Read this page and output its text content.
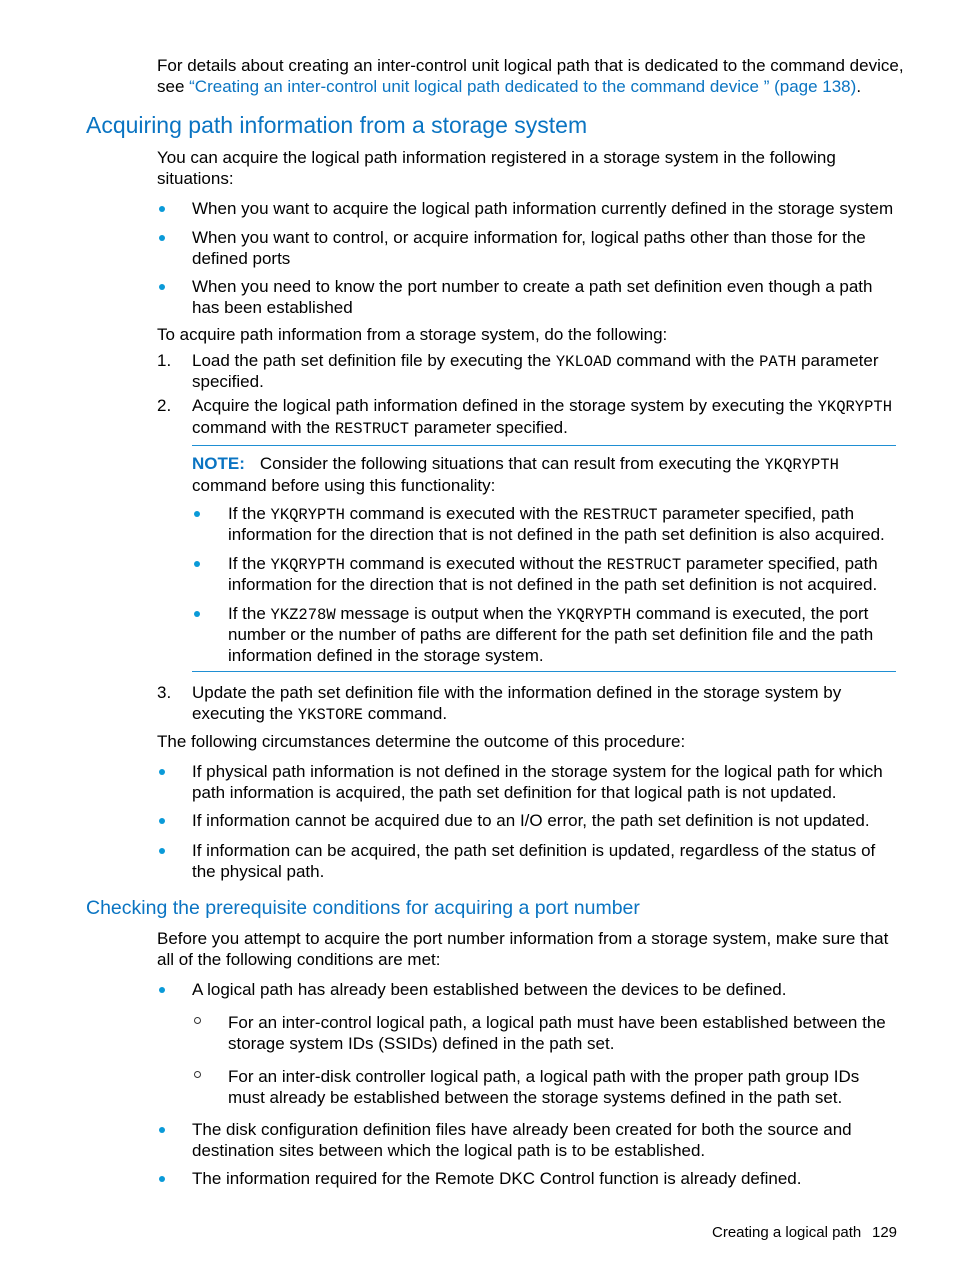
For details about creating an inter-control unit logical path that is dedicated to the command device,
see “Creating an inter-control unit logical path dedicated to the command device ” (page 138).
Acquiring path information from a storage system
You can acquire the logical path information registered in a storage system in the following
situations:
When you want to acquire the logical path information currently defined in the storage system
When you want to control, or acquire information for, logical paths other than those for the
defined ports
When you need to know the port number to create a path set definition even though a path
has been established
To acquire path information from a storage system, do the following:
1. Load the path set definition file by executing the YKLOAD command with the PATH parameter
specified.
2. Acquire the logical path information defined in the storage system by executing the YKQRYPTH
command with the RESTRUCT parameter specified.
NOTE: Consider the following situations that can result from executing the YKQRYPTH
command before using this functionality:
If the YKQRYPTH command is executed with the RESTRUCT parameter specified, path
information for the direction that is not defined in the path set definition is also acquired.
If the YKQRYPTH command is executed without the RESTRUCT parameter specified, path
information for the direction that is not defined in the path set definition is not acquired.
If the YKZ278W message is output when the YKQRYPTH command is executed, the port
number or the number of paths are different for the path set definition file and the path
information defined in the storage system.
3. Update the path set definition file with the information defined in the storage system by
executing the YKSTORE command.
The following circumstances determine the outcome of this procedure:
If physical path information is not defined in the storage system for the logical path for which
path information is acquired, the path set definition for that logical path is not updated.
If information cannot be acquired due to an I/O error, the path set definition is not updated.
If information can be acquired, the path set definition is updated, regardless of the status of
the physical path.
Checking the prerequisite conditions for acquiring a port number
Before you attempt to acquire the port number information from a storage system, make sure that
all of the following conditions are met:
A logical path has already been established between the devices to be defined.
For an inter-control logical path, a logical path must have been established between the
storage system IDs (SSIDs) defined in the path set.
For an inter-disk controller logical path, a logical path with the proper path group IDs
must already be established between the storage systems defined in the path set.
The disk configuration definition files have already been created for both the source and
destination sites between which the logical path is to be established.
The information required for the Remote DKC Control function is already defined.
Creating a logical path 129
